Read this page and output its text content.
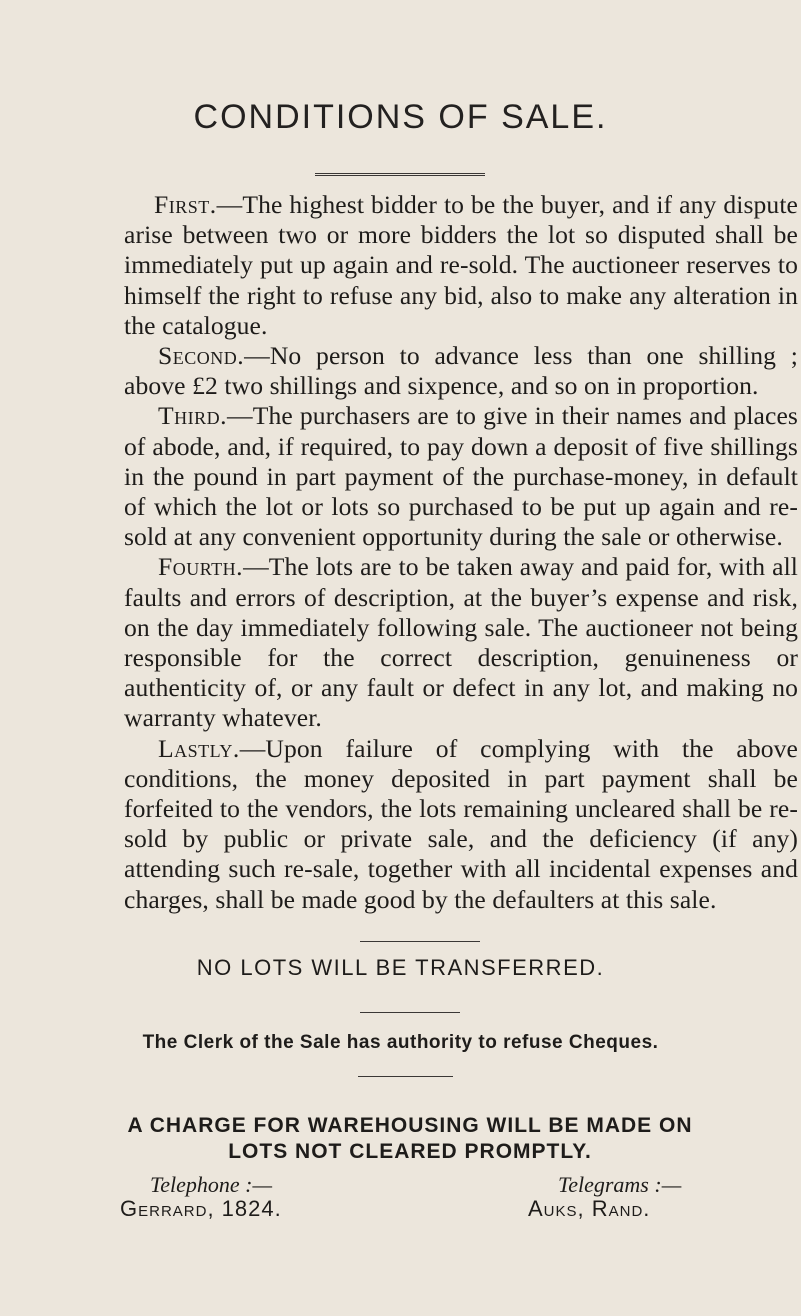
CONDITIONS OF SALE.

First.—The highest bidder to be the buyer, and if any dispute arise between two or more bidders the lot so disputed shall be immediately put up again and re-sold. The auctioneer reserves to himself the right to refuse any bid, also to make any alteration in the catalogue.

Second.—No person to advance less than one shilling ; above £2 two shillings and sixpence, and so on in proportion.

Third.—The purchasers are to give in their names and places of abode, and, if required, to pay down a deposit of five shillings in the pound in part payment of the purchase-money, in default of which the lot or lots so purchased to be put up again and re-sold at any convenient opportunity during the sale or otherwise.

Fourth.—The lots are to be taken away and paid for, with all faults and errors of description, at the buyer’s expense and risk, on the day immediately following sale. The auctioneer not being responsible for the correct description, genuineness or authenticity of, or any fault or defect in any lot, and making no warranty whatever.

Lastly.—Upon failure of complying with the above conditions, the money deposited in part payment shall be forfeited to the vendors, the lots remaining uncleared shall be re-sold by public or private sale, and the deficiency (if any) attending such re-sale, together with all incidental expenses and charges, shall be made good by the defaulters at this sale.

NO LOTS WILL BE TRANSFERRED.
The Clerk of the Sale has authority to refuse Cheques.
A CHARGE FOR WAREHOUSING WILL BE MADE ON LOTS NOT CLEARED PROMPTLY.
Telephone :—
Gerrard, 1824.
Telegrams :—
Auks, Rand.
